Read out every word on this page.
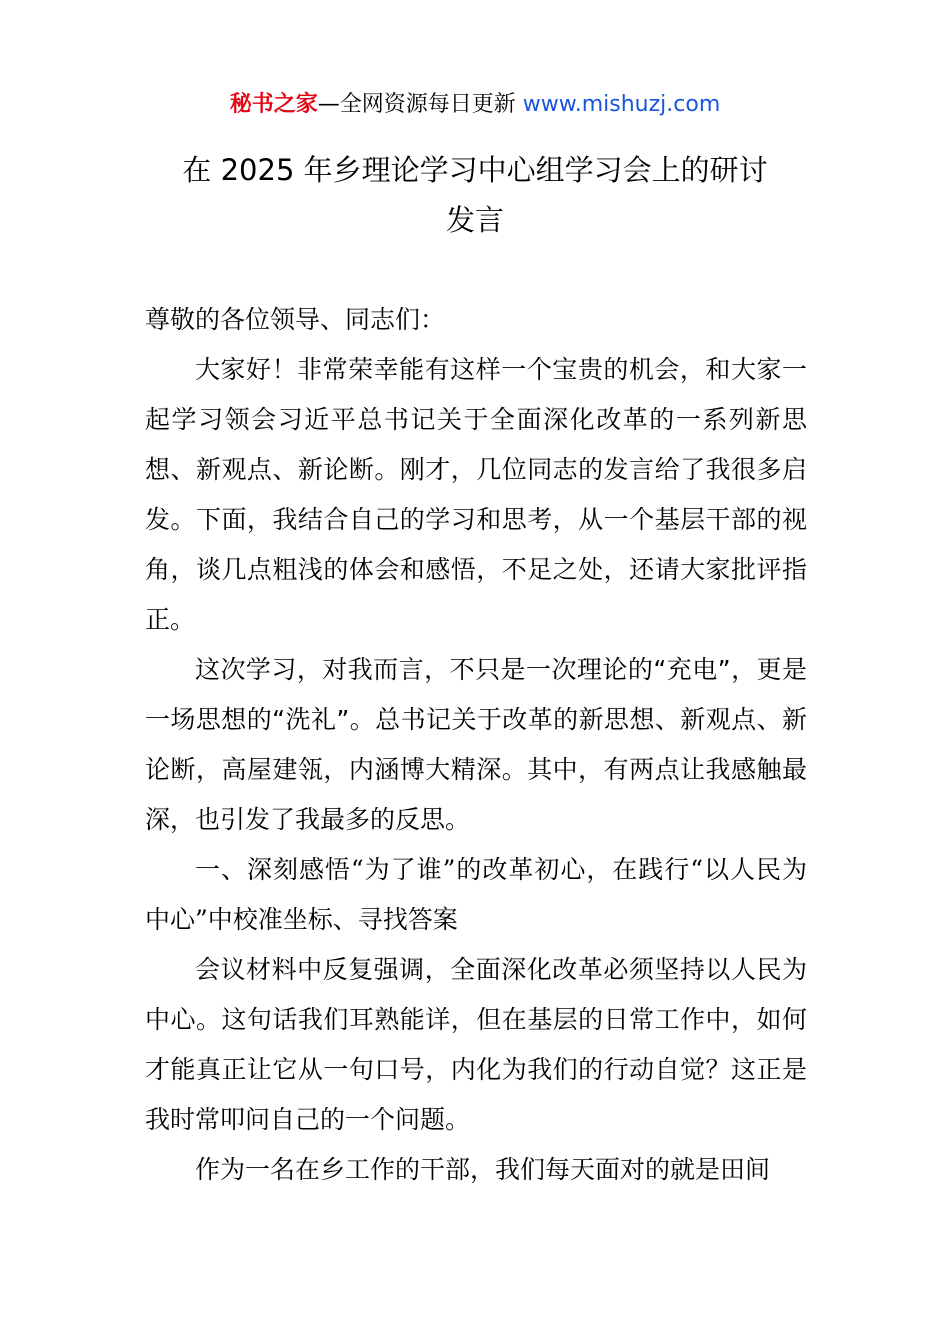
秘书之家—全网资源每日更新 www.mishuzj.com
在 2025 年乡理论学习中心组学习会上的研讨
发言

尊敬的各位领导、同志们：

大家好！非常荣幸能有这样一个宝贵的机会，和大家一起学习领会习近平总书记关于全面深化改革的一系列新思想、新观点、新论断。刚才，几位同志的发言给了我很多启发。下面，我结合自己的学习和思考，从一个基层干部的视角，谈几点粗浅的体会和感悟，不足之处，还请大家批评指正。

这次学习，对我而言，不只是一次理论的“充电”，更是一场思想的“洗礼”。总书记关于改革的新思想、新观点、新论断，高屋建瓴，内涵博大精深。其中，有两点让我感触最深，也引发了我最多的反思。

一、深刻感悟“为了谁”的改革初心，在践行“以人民为中心”中校准坐标、寻找答案

会议材料中反复强调，全面深化改革必须坚持以人民为中心。这句话我们耳熟能详，但在基层的日常工作中，如何才能真正让它从一句口号，内化为我们的行动自觉？这正是我时常叩问自己的一个问题。

作为一名在乡工作的干部，我们每天面对的就是田间
